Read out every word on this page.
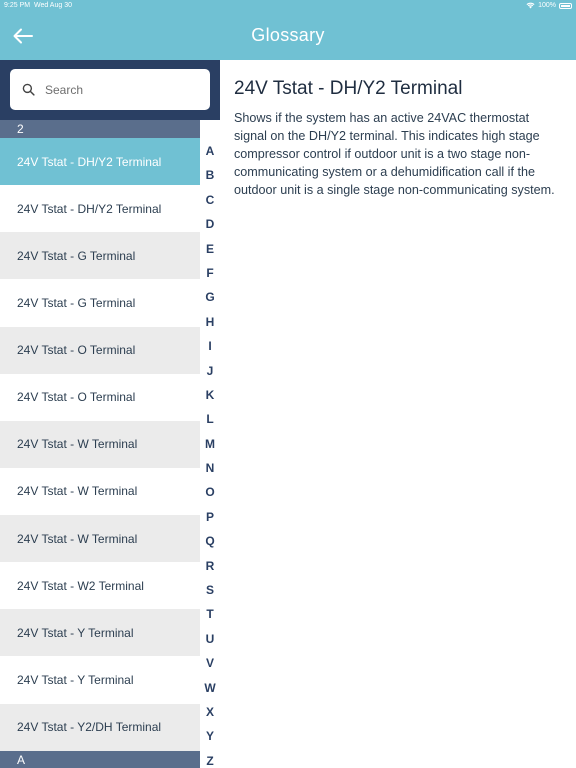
9:25 PM Wed Aug 30	100%
Glossary
Search
2
24V Tstat - DH/Y2 Terminal
24V Tstat - DH/Y2 Terminal
24V Tstat - G Terminal
24V Tstat - G Terminal
24V Tstat - O Terminal
24V Tstat - O Terminal
24V Tstat - W Terminal
24V Tstat - W Terminal
24V Tstat - W Terminal
24V Tstat - W2 Terminal
24V Tstat - Y Terminal
24V Tstat - Y Terminal
24V Tstat - Y2/DH Terminal
A
A
B
C
D
E
F
G
H
I
J
K
L
M
N
O
P
Q
R
S
T
U
V
W
X
Y
Z
24V Tstat - DH/Y2 Terminal
Shows if the system has an active 24VAC thermostat signal on the DH/Y2 terminal. This indicates high stage compressor control if outdoor unit is a two stage non-communicating system or a dehumidification call if the outdoor unit is a single stage non-communicating system.
